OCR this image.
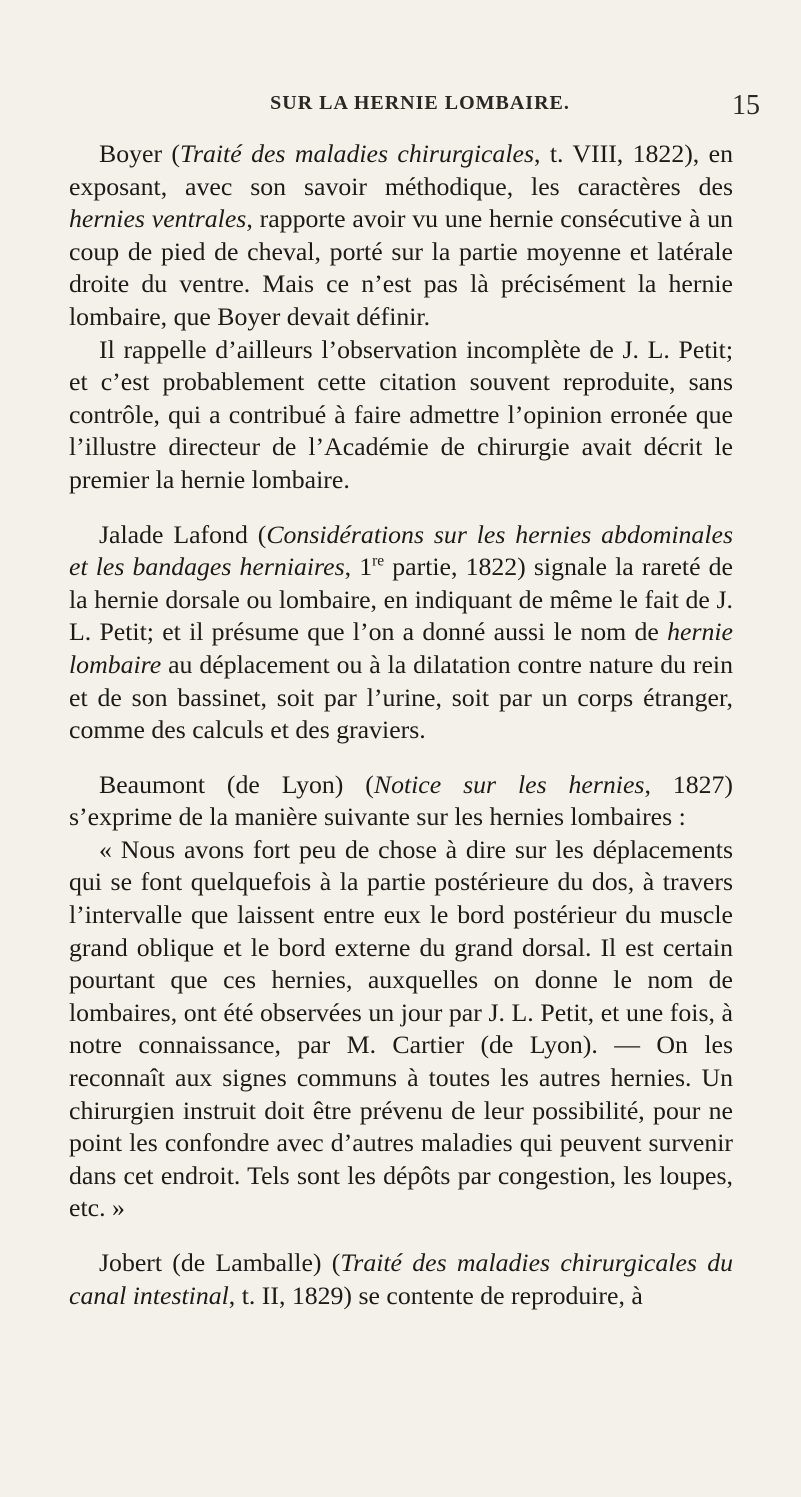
SUR LA HERNIE LOMBAIRE.	15

Boyer (Traité des maladies chirurgicales, t. VIII, 1822), en exposant, avec son savoir méthodique, les caractères des hernies ventrales, rapporte avoir vu une hernie consécutive à un coup de pied de cheval, porté sur la partie moyenne et latérale droite du ventre. Mais ce n’est pas là précisément la hernie lombaire, que Boyer devait définir.

Il rappelle d’ailleurs l’observation incomplète de J. L. Petit; et c’est probablement cette citation souvent reproduite, sans contrôle, qui a contribué à faire admettre l’opinion erronée que l’illustre directeur de l’Académie de chirurgie avait décrit le premier la hernie lombaire.

Jalade Lafond (Considérations sur les hernies abdominales et les bandages herniaires, 1re partie, 1822) signale la rareté de la hernie dorsale ou lombaire, en indiquant de même le fait de J. L. Petit; et il présume que l’on a donné aussi le nom de hernie lombaire au déplacement ou à la dilatation contre nature du rein et de son bassinet, soit par l’urine, soit par un corps étranger, comme des calculs et des graviers.

Beaumont (de Lyon) (Notice sur les hernies, 1827) s’exprime de la manière suivante sur les hernies lombaires :

« Nous avons fort peu de chose à dire sur les déplacements qui se font quelquefois à la partie postérieure du dos, à travers l’intervalle que laissent entre eux le bord postérieur du muscle grand oblique et le bord externe du grand dorsal. Il est certain pourtant que ces hernies, auxquelles on donne le nom de lombaires, ont été observées un jour par J. L. Petit, et une fois, à notre connaissance, par M. Cartier (de Lyon). — On les reconnaît aux signes communs à toutes les autres hernies. Un chirurgien instruit doit être prévenu de leur possibilité, pour ne point les confondre avec d’autres maladies qui peuvent survenir dans cet endroit. Tels sont les dépôts par congestion, les loupes, etc. »

Jobert (de Lamballe) (Traité des maladies chirurgicales du canal intestinal, t. II, 1829) se contente de reproduire, à
